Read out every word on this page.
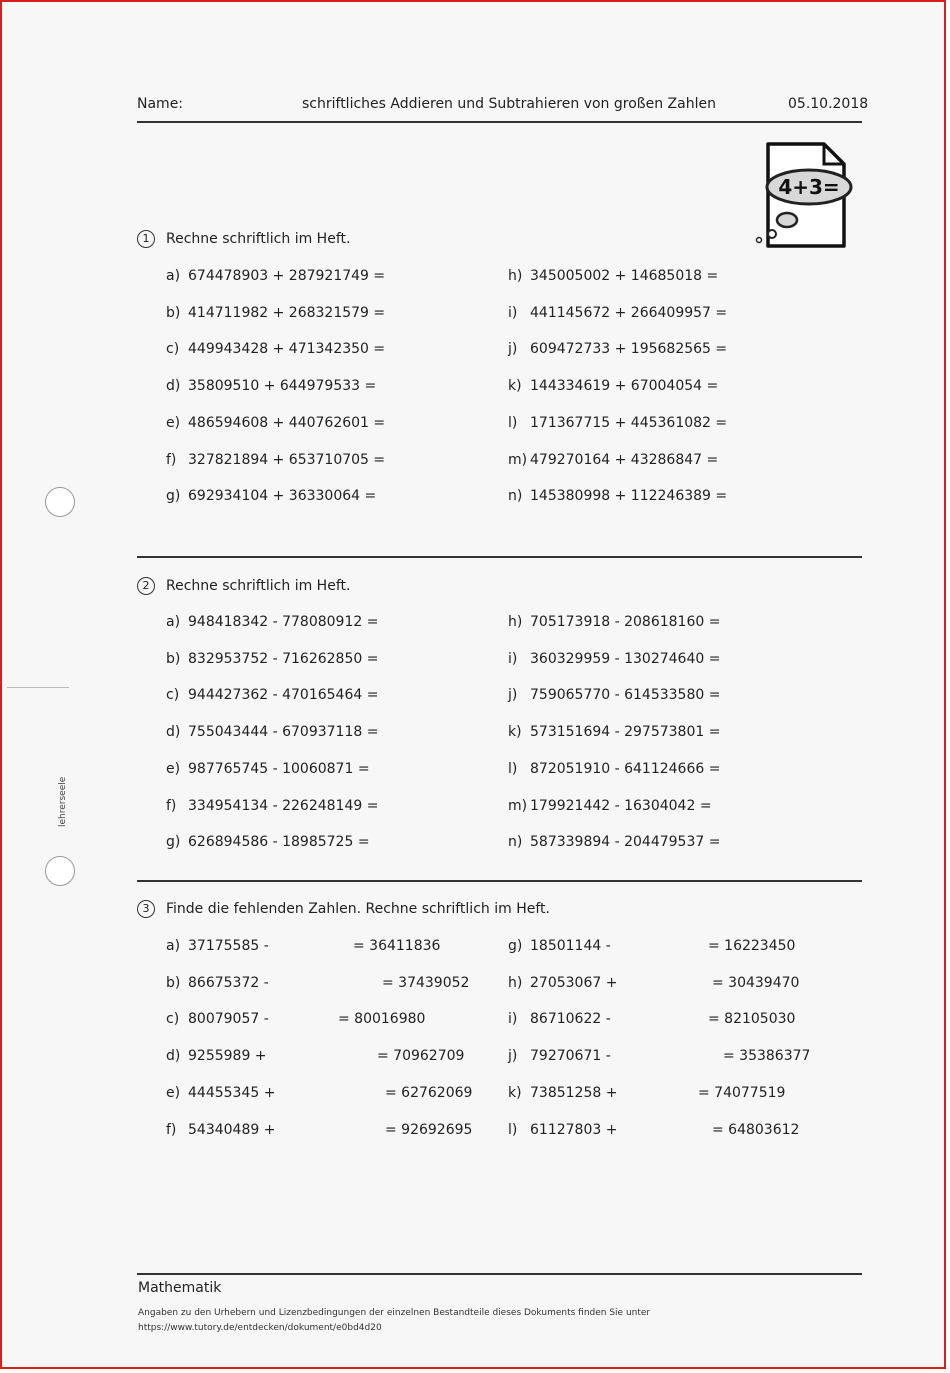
Name:	schriftliches Addieren und Subtrahieren von großen Zahlen	05.10.2018
4+3=
1	Rechne schriftlich im Heft.
2	Rechne schriftlich im Heft.
3	Finde die fehlenden Zahlen. Rechne schriftlich im Heft.
lehrerseele
Mathematik
Angaben zu den Urhebern und Lizenzbedingungen der einzelnen Bestandteile dieses Dokuments finden Sie unter
https://www.tutory.de/entdecken/dokument/e0bd4d20
a) 674478903 + 287921749 =
b) 414711982 + 268321579 =
c) 449943428 + 471342350 =
d) 35809510 + 644979533 =
e) 486594608 + 440762601 =
f) 327821894 + 653710705 =
g) 692934104 + 36330064 =
h) 345005002 + 14685018 =
i) 441145672 + 266409957 =
j) 609472733 + 195682565 =
k) 144334619 + 67004054 =
l) 171367715 + 445361082 =
m) 479270164 + 43286847 =
n) 145380998 + 112246389 =
a) 948418342 - 778080912 =
b) 832953752 - 716262850 =
c) 944427362 - 470165464 =
d) 755043444 - 670937118 =
e) 987765745 - 10060871 =
f) 334954134 - 226248149 =
g) 626894586 - 18985725 =
h) 705173918 - 208618160 =
i) 360329959 - 130274640 =
j) 759065770 - 614533580 =
k) 573151694 - 297573801 =
l) 872051910 - 641124666 =
m) 179921442 - 16304042 =
n) 587339894 - 204479537 =
a) 37175585 -	= 36411836
b) 86675372 -	= 37439052
c) 80079057 -	= 80016980
d) 9255989 +	= 70962709
e) 44455345 +	= 62762069
f) 54340489 +	= 92692695
g) 18501144 -	= 16223450
h) 27053067 +	= 30439470
i) 86710622 -	= 82105030
j) 79270671 -	= 35386377
k) 73851258 +	= 74077519
l) 61127803 +	= 64803612
